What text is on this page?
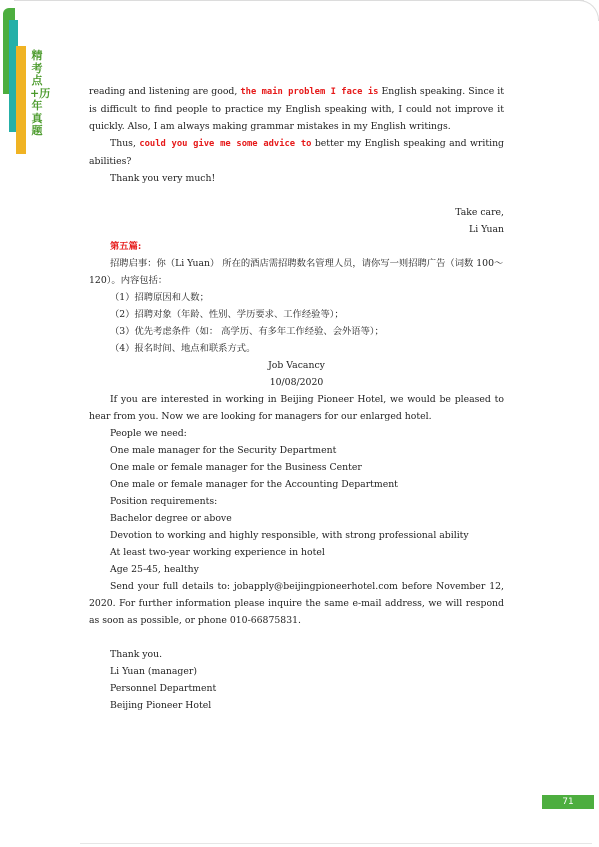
精考点+历年真题

reading and listening are good, the main problem I face is English speaking. Since it is difficult to find people to practice my English speaking with, I could not improve it quickly. Also, I am always making grammar mistakes in my English writings.

Thus, could you give me some advice to better my English speaking and writing abilities?

Thank you very much!

Take care,

Li Yuan

第五篇:

招聘启事：你（Li Yuan） 所在的酒店需招聘数名管理人员，请你写一则招聘广告（词数 100～120）。内容包括：

（1）招聘原因和人数；

（2）招聘对象（年龄、性别、学历要求、工作经验等）；

（3）优先考虑条件（如： 高学历、有多年工作经验、会外语等）；

（4）报名时间、地点和联系方式。

Job Vacancy

10/08/2020

If you are interested in working in Beijing Pioneer Hotel, we would be pleased to hear from you. Now we are looking for managers for our enlarged hotel.

People we need:

One male manager for the Security Department

One male or female manager for the Business Center

One male or female manager for the Accounting Department

Position requirements:

Bachelor degree or above

Devotion to working and highly responsible, with strong professional ability

At least two-year working experience in hotel

Age 25-45, healthy

Send your full details to: jobapply@beijingpioneerhotel.com before November 12, 2020. For further information please inquire the same e-mail address, we will respond as soon as possible, or phone 010-66875831.

Thank you.

Li Yuan (manager)

Personnel Department

Beijing Pioneer Hotel

71
